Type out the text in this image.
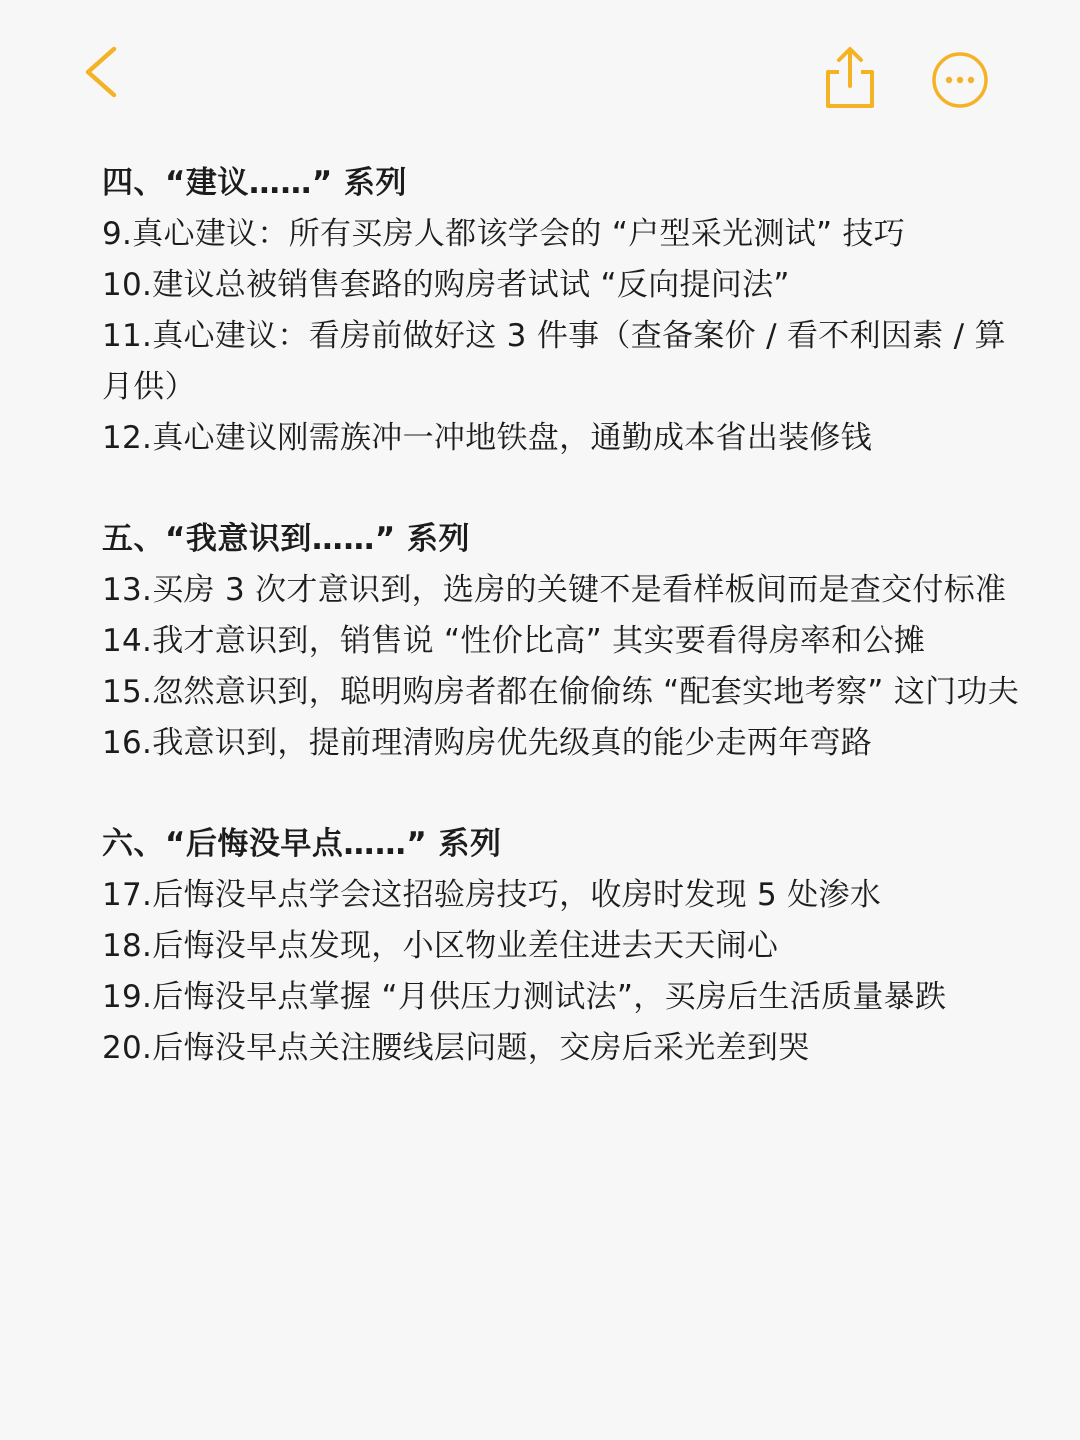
四、“建议……” 系列
9.真心建议：所有买房人都该学会的 “户型采光测试” 技巧
10.建议总被销售套路的购房者试试 “反向提问法”
11.真心建议：看房前做好这 3 件事（查备案价 / 看不利因素 / 算月供）
12.真心建议刚需族冲一冲地铁盘，通勤成本省出装修钱
五、“我意识到……” 系列
13.买房 3 次才意识到，选房的关键不是看样板间而是查交付标准
14.我才意识到，销售说 “性价比高” 其实要看得房率和公摊
15.忽然意识到，聪明购房者都在偷偷练 “配套实地考察” 这门功夫
16.我意识到，提前理清购房优先级真的能少走两年弯路
六、“后悔没早点……” 系列
17.后悔没早点学会这招验房技巧，收房时发现 5 处渗水
18.后悔没早点发现，小区物业差住进去天天闹心
19.后悔没早点掌握 “月供压力测试法”，买房后生活质量暴跌
20.后悔没早点关注腰线层问题，交房后采光差到哭
